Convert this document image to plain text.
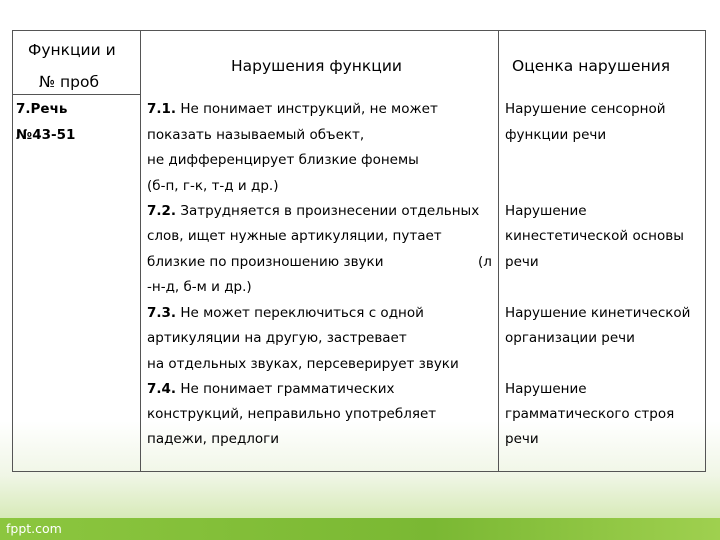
Функции и
№ проб
Нарушения функции	Оценка нарушения
7.Речь
№43-51
7.1. Не понимает инструкций, не может
показать называемый объект,
не дифференцирует близкие фонемы
(б-п, г-к, т-д и др.)
Нарушение сенсорной
функции речи
7.2. Затрудняется в произнесении отдельных
слов, ищет нужные артикуляции, путает
близкие по произношению звуки	(л
-н-д, б-м и др.)
Нарушение
кинестетической основы
речи
7.3. Не может переключиться с одной
артикуляции на другую, застревает
на отдельных звуках, персеверирует звуки
Нарушение кинетической
организации речи
7.4. Не понимает грамматических
конструкций, неправильно употребляет
падежи, предлоги
Нарушение
грамматического строя
речи
fppt.com
